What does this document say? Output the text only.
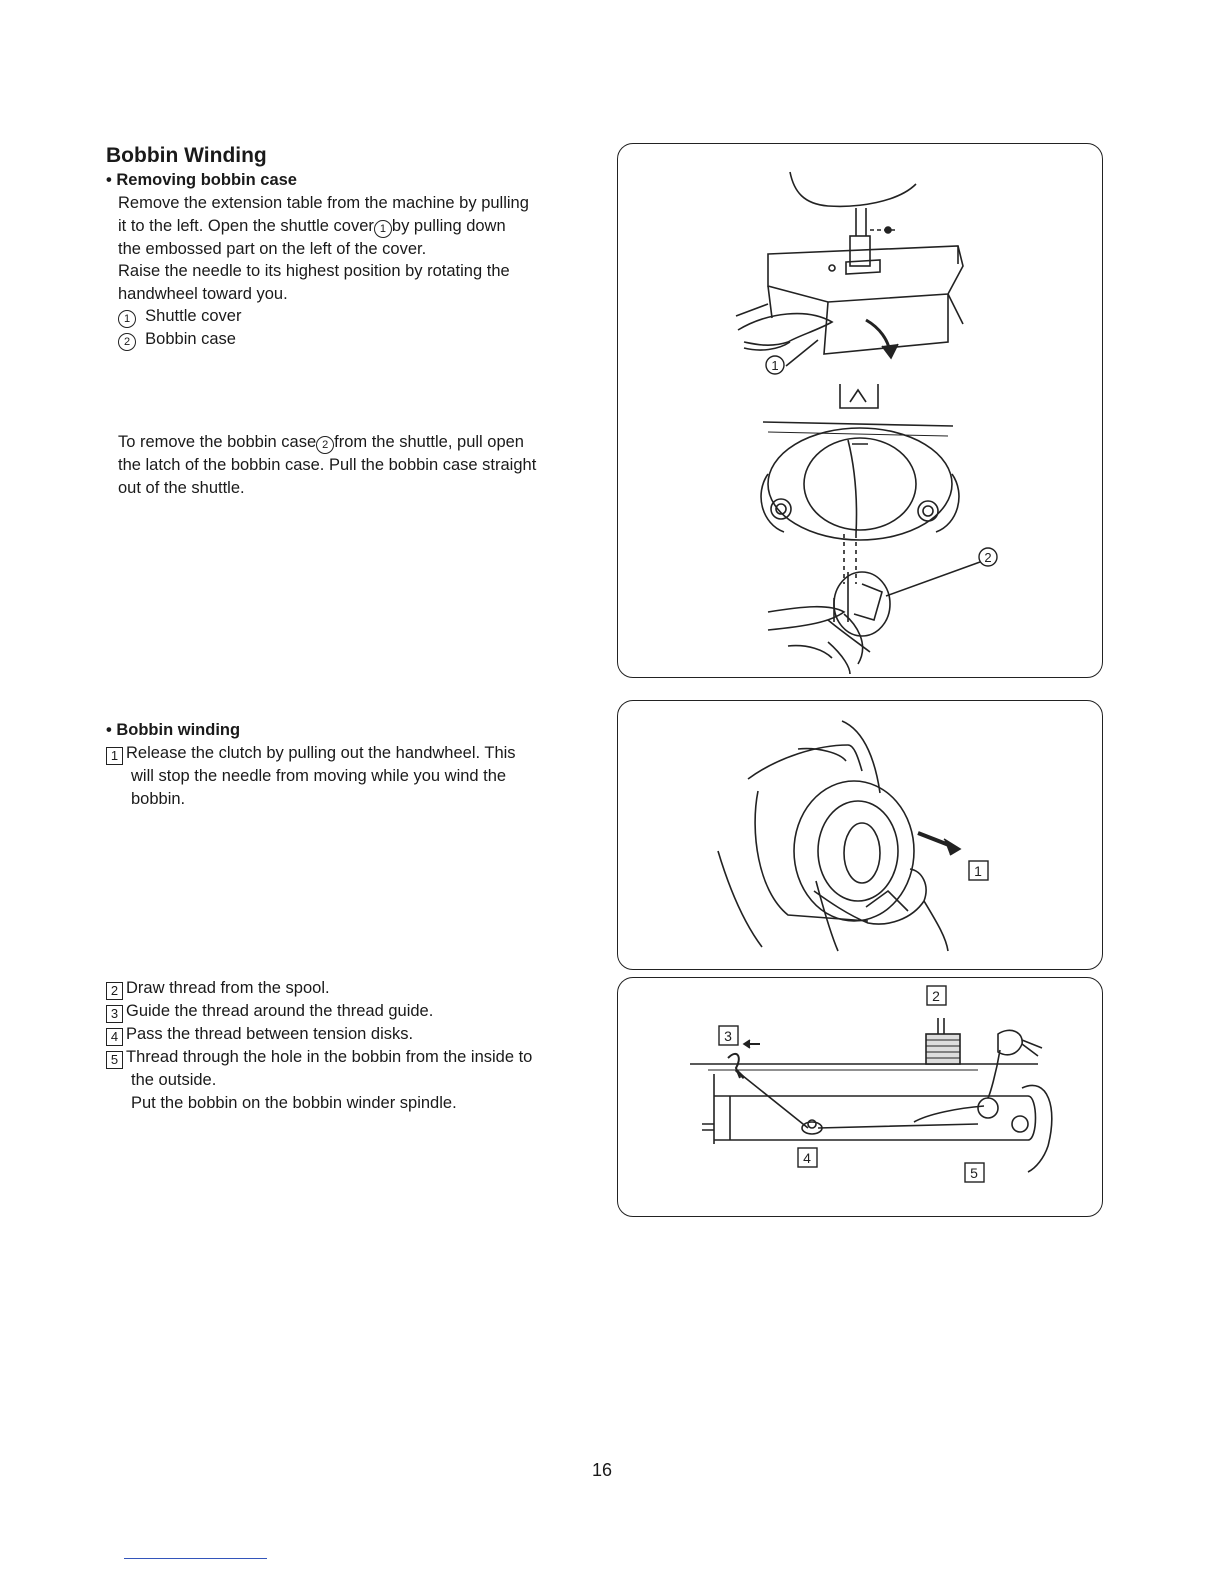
Bobbin Winding
• Removing bobbin case
Remove the extension table from the machine by pulling
it to the left. Open the shuttle cover 1 by pulling down
the embossed part on the left of the cover.
Raise the needle to its highest position by rotating the
handwheel toward you.
1 Shuttle cover
2 Bobbin case
To remove the bobbin case 2 from the shuttle, pull open
the latch of the bobbin case. Pull the bobbin case straight
out of the shuttle.
• Bobbin winding
1 Release the clutch by pulling out the handwheel. This
will stop the needle from moving while you wind the
bobbin.
2 Draw thread from the spool.
3 Guide the thread around the thread guide.
4 Pass the thread between tension disks.
5 Thread through the hole in the bobbin from the inside to
the outside.
Put the bobbin on the bobbin winder spindle.
1
2
1
2
3
4
5
16
